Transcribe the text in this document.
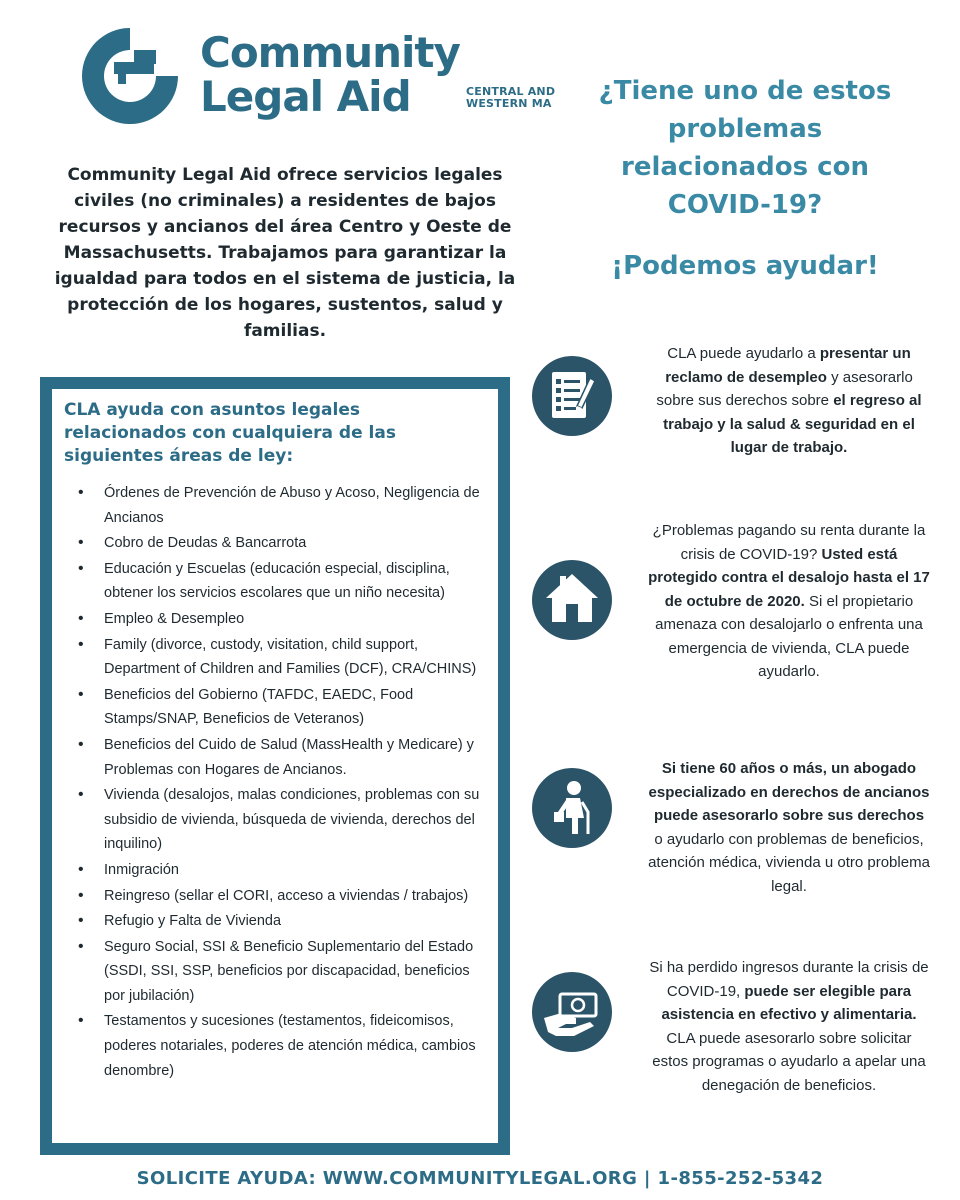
Community
Legal Aid	CENTRAL AND
WESTERN MA
Community Legal Aid ofrece servicios legales civiles (no criminales) a residentes de bajos recursos y ancianos del área Centro y Oeste de Massachusetts. Trabajamos para garantizar la igualdad para todos en el sistema de justicia, la protección de los hogares, sustentos, salud y familias.
¿Tiene uno de estos problemas relacionados con COVID-19?
¡Podemos ayudar!
CLA ayuda con asuntos legales relacionados con cualquiera de las siguientes áreas de ley:
• Órdenes de Prevención de Abuso y Acoso, Negligencia de Ancianos
• Cobro de Deudas & Bancarrota
• Educación y Escuelas (educación especial, disciplina, obtener los servicios escolares que un niño necesita)
• Empleo & Desempleo
• Family (divorce, custody, visitation, child support, Department of Children and Families (DCF), CRA/CHINS)
• Beneficios del Gobierno (TAFDC, EAEDC, Food Stamps/SNAP, Beneficios de Veteranos)
• Beneficios del Cuido de Salud (MassHealth y Medicare) y Problemas con Hogares de Ancianos.
• Vivienda (desalojos, malas condiciones, problemas con su subsidio de vivienda, búsqueda de vivienda, derechos del inquilino)
• Inmigración
• Reingreso (sellar el CORI, acceso a viviendas / trabajos)
• Refugio y Falta de Vivienda
• Seguro Social, SSI & Beneficio Suplementario del Estado (SSDI, SSI, SSP, beneficios por discapacidad, beneficios por jubilación)
• Testamentos y sucesiones (testamentos, fideicomisos, poderes notariales, poderes de atención médica, cambios denombre)
CLA puede ayudarlo a presentar un reclamo de desempleo y asesorarlo sobre sus derechos sobre el regreso al trabajo y la salud & seguridad en el lugar de trabajo.
¿Problemas pagando su renta durante la crisis de COVID-19? Usted está protegido contra el desalojo hasta el 17 de octubre de 2020. Si el propietario amenaza con desalojarlo o enfrenta una emergencia de vivienda, CLA puede ayudarlo.
Si tiene 60 años o más, un abogado especializado en derechos de ancianos puede asesorarlo sobre sus derechos o ayudarlo con problemas de beneficios, atención médica, vivienda u otro problema legal.
Si ha perdido ingresos durante la crisis de COVID-19, puede ser elegible para asistencia en efectivo y alimentaria. CLA puede asesorarlo sobre solicitar estos programas o ayudarlo a apelar una denegación de beneficios.
SOLICITE AYUDA: WWW.COMMUNITYLEGAL.ORG | 1-855-252-5342
